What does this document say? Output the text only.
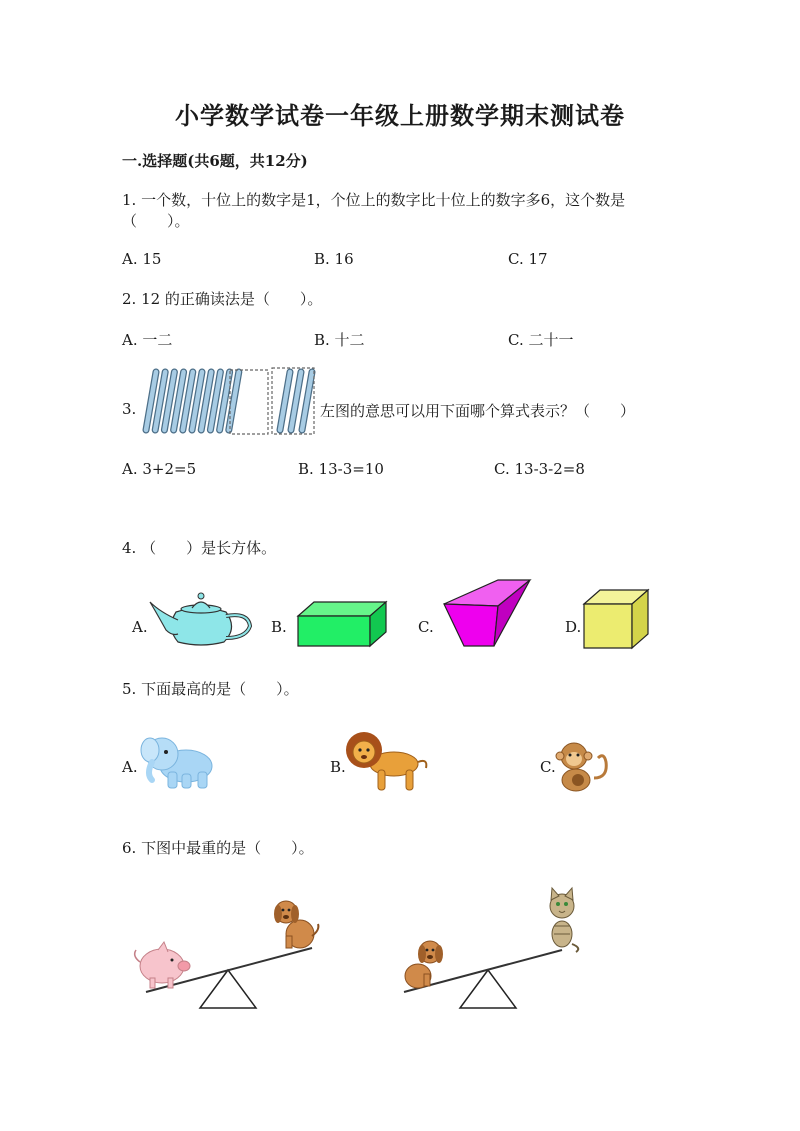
小学数学试卷一年级上册数学期末测试卷
一.选择题(共6题，共12分)
1. 一个数，十位上的数字是1，个位上的数字比十位上的数字多6，这个数是
（　　）。
A. 15	B. 16	C. 17
2. 12 的正确读法是（　　）。
A. 一二	B. 十二	C. 二十一
3.	左图的意思可以用下面哪个算式表示？（　　）
A. 3+2=5	B. 13-3=10	C. 13-3-2=8
4. （　　）是长方体。
A.	B.	C.	D.
5. 下面最高的是（　　）。
A.	B.	C.
6. 下图中最重的是（　　）。
